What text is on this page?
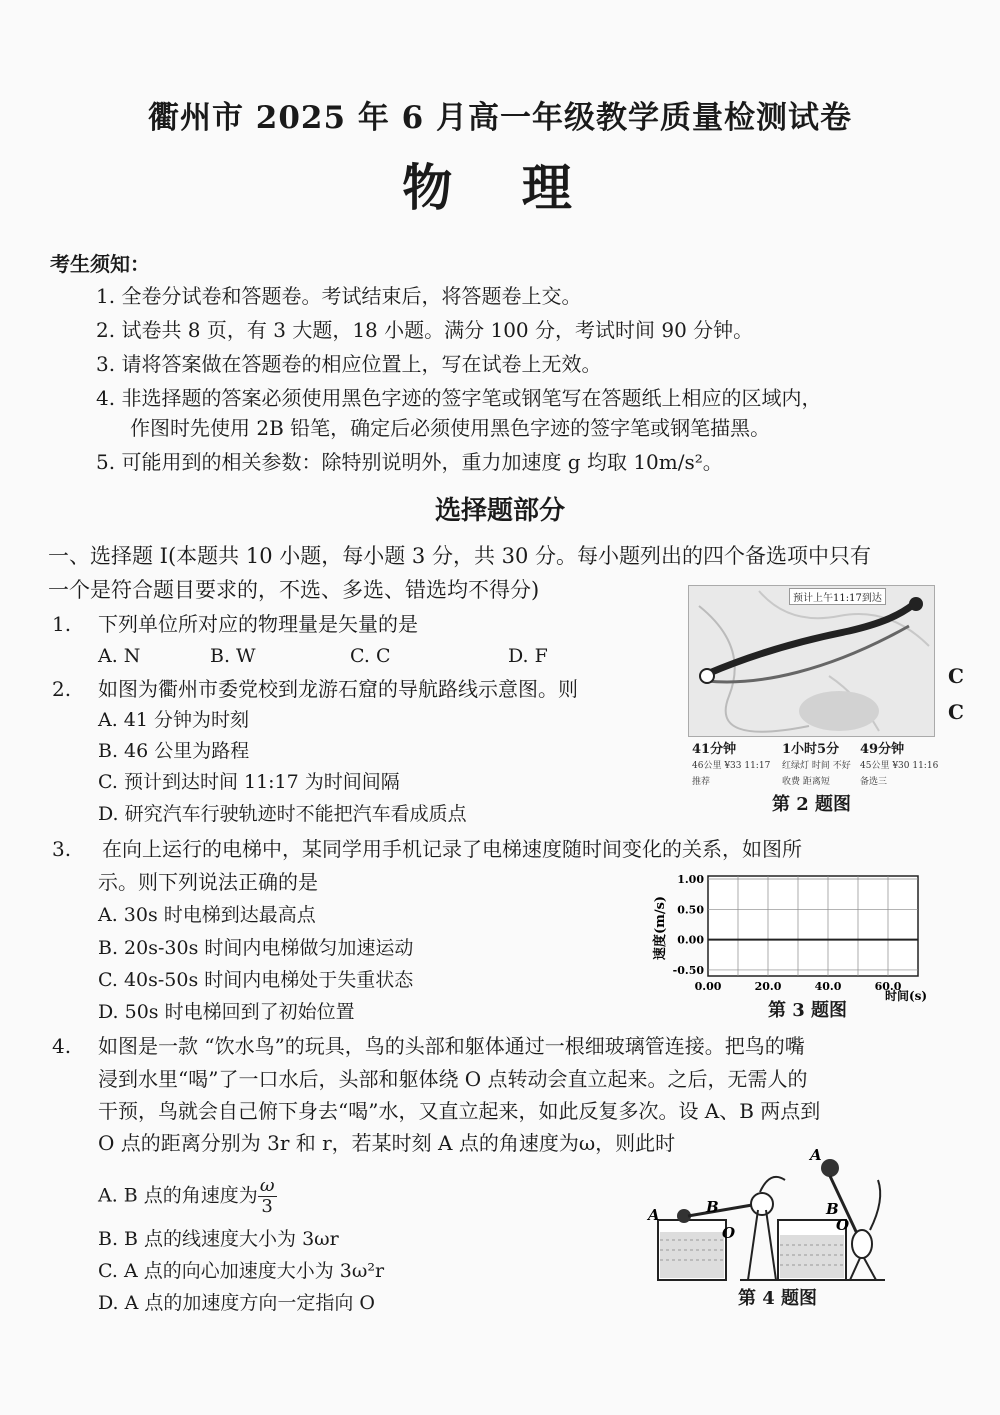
衢州市 2025 年 6 月高一年级教学质量检测试卷
物 理
考生须知：
1. 全卷分试卷和答题卷。考试结束后，将答题卷上交。
2. 试卷共 8 页，有 3 大题，18 小题。满分 100 分，考试时间 90 分钟。
3. 请将答案做在答题卷的相应位置上，写在试卷上无效。
4. 非选择题的答案必须使用黑色字迹的签字笔或钢笔写在答题纸上相应的区域内，
作图时先使用 2B 铅笔，确定后必须使用黑色字迹的签字笔或钢笔描黑。
5. 可能用到的相关参数：除特别说明外，重力加速度 g 均取 10m/s²。
选择题部分
一、选择题 I(本题共 10 小题，每小题 3 分，共 30 分。每小题列出的四个备选项中只有
一个是符合题目要求的，不选、多选、错选均不得分)
1. 下列单位所对应的物理量是矢量的是
A. N	B. W	C. C	D. F
2. 如图为衢州市委党校到龙游石窟的导航路线示意图。则
A. 41 分钟为时刻
B. 46 公里为路程
C. 预计到达时间 11:17 为时间间隔
D. 研究汽车行驶轨迹时不能把汽车看成质点
预计上午11:17到达
C
C
41分钟
46公里 ¥33 11:17
推荐
1小时5分
红绿灯 时间 不好
收费 距离短
49分钟
45公里 ¥30 11:16
备选三
第 2 题图
3. 在向上运行的电梯中，某同学用手机记录了电梯速度随时间变化的关系，如图所
示。则下列说法正确的是
A. 30s 时电梯到达最高点
B. 20s-30s 时间内电梯做匀加速运动
C. 40s-50s 时间内电梯处于失重状态
D. 50s 时电梯回到了初始位置
1.00
0.50
0.00
-0.50
0.00	20.0	40.0	60.0
速度(m/s)
时间(s)
第 3 题图
4. 如图是一款 “饮水鸟”的玩具，鸟的头部和躯体通过一根细玻璃管连接。把鸟的嘴
浸到水里“喝”了一口水后，头部和躯体绕 O 点转动会直立起来。之后，无需人的
干预，鸟就会自己俯下身去“喝”水，又直立起来，如此反复多次。设 A、B 两点到
O 点的距离分别为 3r 和 r，若某时刻 A 点的角速度为ω，则此时
A. B 点的角速度为 $\frac{\omega}{3}$
B. B 点的线速度大小为 3ωr
C. A 点的向心加速度大小为 3ω²r
D. A 点的加速度方向一定指向 O
A	B
O
A
B
O
第 4 题图
